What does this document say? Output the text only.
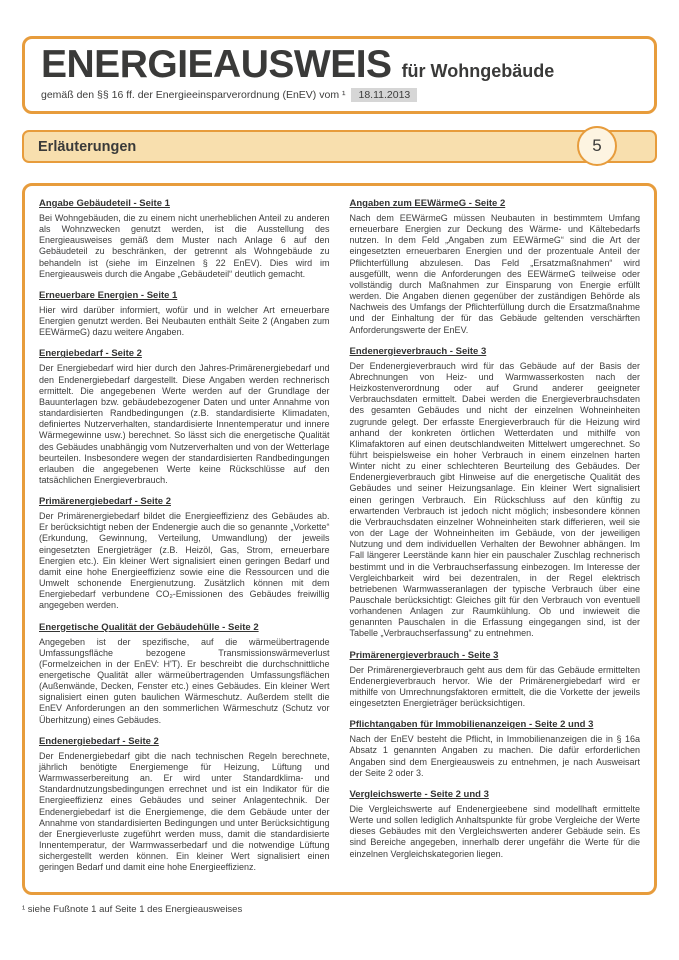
ENERGIEAUSWEIS für Wohngebäude
gemäß den §§ 16 ff. der Energieeinsparverordnung (EnEV) vom ¹	18.11.2013
Erläuterungen	5
Angabe Gebäudeteil - Seite 1

Bei Wohngebäuden, die zu einem nicht unerheblichen Anteil zu anderen als Wohnzwecken genutzt werden, ist die Ausstellung des Energieausweises gemäß dem Muster nach Anlage 6 auf den Gebäudeteil zu beschränken, der getrennt als Wohngebäude zu behandeln ist (siehe im Einzelnen § 22 EnEV). Dies wird im Energieausweis durch die Angabe „Gebäudeteil“ deutlich gemacht.

Erneuerbare Energien - Seite 1

Hier wird darüber informiert, wofür und in welcher Art erneuerbare Energien genutzt werden. Bei Neubauten enthält Seite 2 (Angaben zum EEWärmeG) dazu weitere Angaben.

Energiebedarf - Seite 2

Der Energiebedarf wird hier durch den Jahres-Primärenergiebedarf und den Endenergiebedarf dargestellt. Diese Angaben werden rechnerisch ermittelt. Die angegebenen Werte werden auf der Grundlage der Bauunterlagen bzw. gebäudebezogener Daten und unter Annahme von standardisierten Randbedingungen (z.B. standardisierte Klimadaten, definiertes Nutzerverhalten, standardisierte Innentemperatur und innere Wärmegewinne usw.) berechnet. So lässt sich die energetische Qualität des Gebäudes unabhängig vom Nutzerverhalten und von der Wetterlage beurteilen. Insbesondere wegen der standardisierten Randbedingungen erlauben die angegebenen Werte keine Rückschlüsse auf den tatsächlichen Energieverbrauch.

Primärenergiebedarf - Seite 2

Der Primärenergiebedarf bildet die Energieeffizienz des Gebäudes ab. Er berücksichtigt neben der Endenergie auch die so genannte „Vorkette“ (Erkundung, Gewinnung, Verteilung, Umwandlung) der jeweils eingesetzten Energieträger (z.B. Heizöl, Gas, Strom, erneuerbare Energien etc.). Ein kleiner Wert signalisiert einen geringen Bedarf und damit eine hohe Energieeffizienz sowie eine die Ressourcen und die Umwelt schonende Energienutzung. Zusätzlich können mit dem Energiebedarf verbundene CO₂-Emissionen des Gebäudes freiwillig angegeben werden.

Energetische Qualität der Gebäudehülle - Seite 2

Angegeben ist der spezifische, auf die wärmeübertragende Umfassungsfläche bezogene Transmissionswärmeverlust (Formelzeichen in der EnEV: H'T). Er beschreibt die durchschnittliche energetische Qualität aller wärmeübertragenden Umfassungsflächen (Außenwände, Decken, Fenster etc.) eines Gebäudes. Ein kleiner Wert signalisiert einen guten baulichen Wärmeschutz. Außerdem stellt die EnEV Anforderungen an den sommerlichen Wärmeschutz (Schutz vor Überhitzung) eines Gebäudes.

Endenergiebedarf - Seite 2

Der Endenergiebedarf gibt die nach technischen Regeln berechnete, jährlich benötigte Energiemenge für Heizung, Lüftung und Warmwasserbereitung an. Er wird unter Standardklima- und Standardnutzungsbedingungen errechnet und ist ein Indikator für die Energieeffizienz eines Gebäudes und seiner Anlagentechnik. Der Endenergiebedarf ist die Energiemenge, die dem Gebäude unter der Annahme von standardisierten Bedingungen und unter Berücksichtigung der Energieverluste zugeführt werden muss, damit die standardisierte Innentemperatur, der Warmwasserbedarf und die notwendige Lüftung sichergestellt werden können. Ein kleiner Wert signalisiert einen geringen Bedarf und damit eine hohe Energieeffizienz.

Angaben zum EEWärmeG - Seite 2

Nach dem EEWärmeG müssen Neubauten in bestimmtem Umfang erneuerbare Energien zur Deckung des Wärme- und Kältebedarfs nutzen. In dem Feld „Angaben zum EEWärmeG“ sind die Art der eingesetzten erneuerbaren Energien und der prozentuale Anteil der Pflichterfüllung abzulesen. Das Feld „Ersatzmaßnahmen“ wird ausgefüllt, wenn die Anforderungen des EEWärmeG teilweise oder vollständig durch Maßnahmen zur Einsparung von Energie erfüllt werden. Die Angaben dienen gegenüber der zuständigen Behörde als Nachweis des Umfangs der Pflichterfüllung durch die Ersatzmaßnahme und der Einhaltung der für das Gebäude geltenden verschärften Anforderungswerte der EnEV.

Endenergieverbrauch - Seite 3

Der Endenergieverbrauch wird für das Gebäude auf der Basis der Abrechnungen von Heiz- und Warmwasserkosten nach der Heizkostenverordnung oder auf Grund anderer geeigneter Verbrauchsdaten ermittelt. Dabei werden die Energieverbrauchsdaten des gesamten Gebäudes und nicht der einzelnen Wohneinheiten zugrunde gelegt. Der erfasste Energieverbrauch für die Heizung wird anhand der konkreten örtlichen Wetterdaten und mithilfe von Klimafaktoren auf einen deutschlandweiten Mittelwert umgerechnet. So führt beispielsweise ein hoher Verbrauch in einem einzelnen harten Winter nicht zu einer schlechteren Beurteilung des Gebäudes. Der Endenergieverbrauch gibt Hinweise auf die energetische Qualität des Gebäudes und seiner Heizungsanlage. Ein kleiner Wert signalisiert einen geringen Verbrauch. Ein Rückschluss auf den künftig zu erwartenden Verbrauch ist jedoch nicht möglich; insbesondere können die Verbrauchsdaten einzelner Wohneinheiten stark differieren, weil sie von der Lage der Wohneinheiten im Gebäude, von der jeweiligen Nutzung und dem individuellen Verhalten der Bewohner abhängen. Im Fall längerer Leerstände kann hier ein pauschaler Zuschlag rechnerisch bestimmt und in die Verbrauchserfassung einbezogen. Im Interesse der Vergleichbarkeit wird bei dezentralen, in der Regel elektrisch betriebenen Warmwasseranlagen der typische Verbrauch über eine Pauschale berücksichtigt: Gleiches gilt für den Verbrauch von eventuell vorhandenen Anlagen zur Raumkühlung. Ob und inwieweit die genannten Pauschalen in die Erfassung eingegangen sind, ist der Tabelle „Verbrauchserfassung“ zu entnehmen.

Primärenergieverbrauch - Seite 3

Der Primärenergieverbrauch geht aus dem für das Gebäude ermittelten Endenergieverbrauch hervor. Wie der Primärenergiebedarf wird er mithilfe von Umrechnungsfaktoren ermittelt, die die Vorkette der jeweils eingesetzten Energieträger berücksichtigen.

Pflichtangaben für Immobilienanzeigen - Seite 2 und 3

Nach der EnEV besteht die Pflicht, in Immobilienanzeigen die in § 16a Absatz 1 genannten Angaben zu machen. Die dafür erforderlichen Angaben sind dem Energieausweis zu entnehmen, je nach Ausweisart der Seite 2 oder 3.

Vergleichswerte - Seite 2 und 3

Die Vergleichswerte auf Endenergieebene sind modellhaft ermittelte Werte und sollen lediglich Anhaltspunkte für grobe Vergleiche der Werte dieses Gebäudes mit den Vergleichswerten anderer Gebäude sein. Es sind Bereiche angegeben, innerhalb derer ungefähr die Werte für die einzelnen Vergleichskategorien liegen.

¹ siehe Fußnote 1 auf Seite 1 des Energieausweises
